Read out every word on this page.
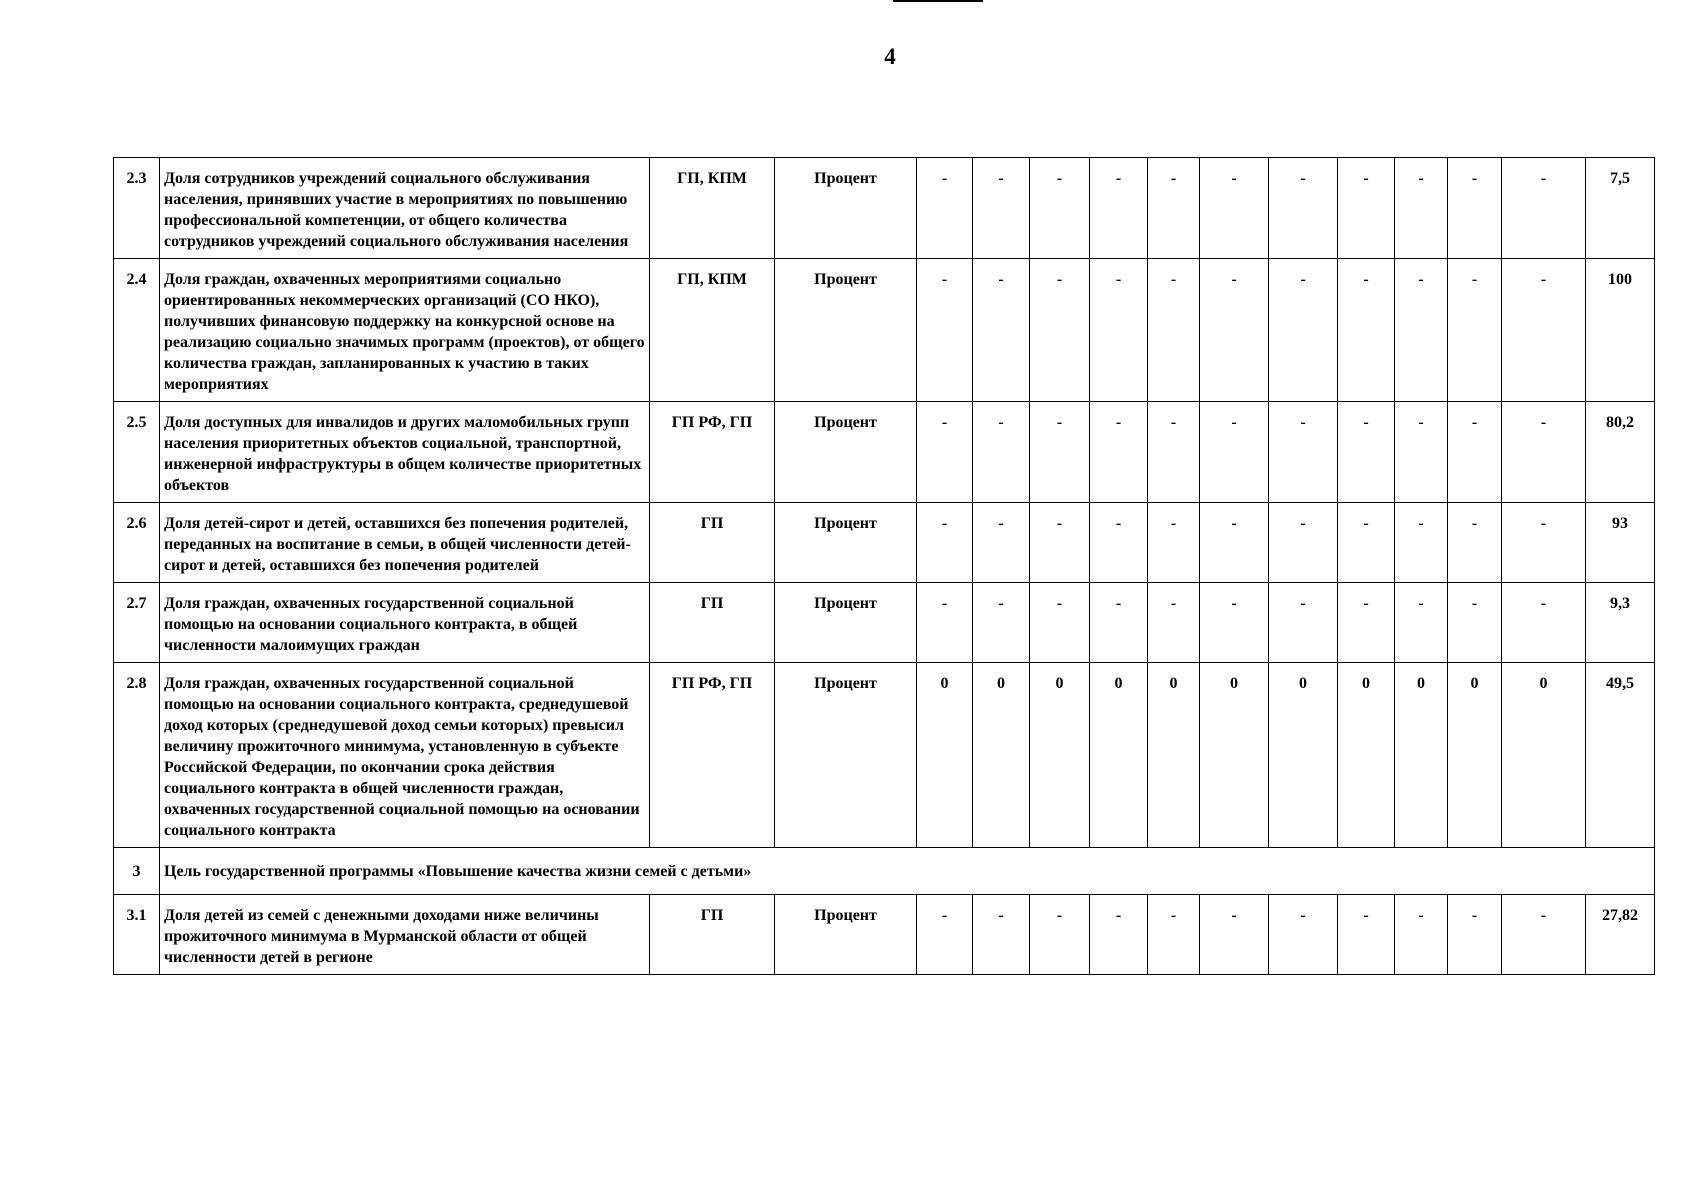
4
2.3	Доля сотрудников учреждений социального обслуживания населения, принявших участие в мероприятиях по повышению профессиональной компетенции, от общего количества сотрудников учреждений социального обслуживания населения	ГП, КПМ	Процент	-	-	-	-	-	-	-	-	-	-	-	7,5
2.4	Доля граждан, охваченных мероприятиями социально ориентированных некоммерческих организаций (СО НКО), получивших финансовую поддержку на конкурсной основе на реализацию социально значимых программ (проектов), от общего количества граждан, запланированных к участию в таких мероприятиях	ГП, КПМ	Процент	-	-	-	-	-	-	-	-	-	-	-	100
2.5	Доля доступных для инвалидов и других маломобильных групп населения приоритетных объектов социальной, транспортной, инженерной инфраструктуры в общем количестве приоритетных объектов	ГП РФ, ГП	Процент	-	-	-	-	-	-	-	-	-	-	-	80,2
2.6	Доля детей-сирот и детей, оставшихся без попечения родителей, переданных на воспитание в семьи, в общей численности детей-сирот и детей, оставшихся без попечения родителей	ГП	Процент	-	-	-	-	-	-	-	-	-	-	-	93
2.7	Доля граждан, охваченных государственной социальной помощью на основании социального контракта, в общей численности малоимущих граждан	ГП	Процент	-	-	-	-	-	-	-	-	-	-	-	9,3
2.8	Доля граждан, охваченных государственной социальной помощью на основании социального контракта, среднедушевой доход которых (среднедушевой доход семьи которых) превысил величину прожиточного минимума, установленную в субъекте Российской Федерации, по окончании срока действия социального контракта в общей численности граждан, охваченных государственной социальной помощью на основании социального контракта	ГП РФ, ГП	Процент	0	0	0	0	0	0	0	0	0	0	0	49,5
3	Цель государственной программы «Повышение качества жизни семей с детьми»														
3.1	Доля детей из семей с денежными доходами ниже величины прожиточного минимума в Мурманской области от общей численности детей в регионе	ГП	Процент	-	-	-	-	-	-	-	-	-	-	-	27,82
